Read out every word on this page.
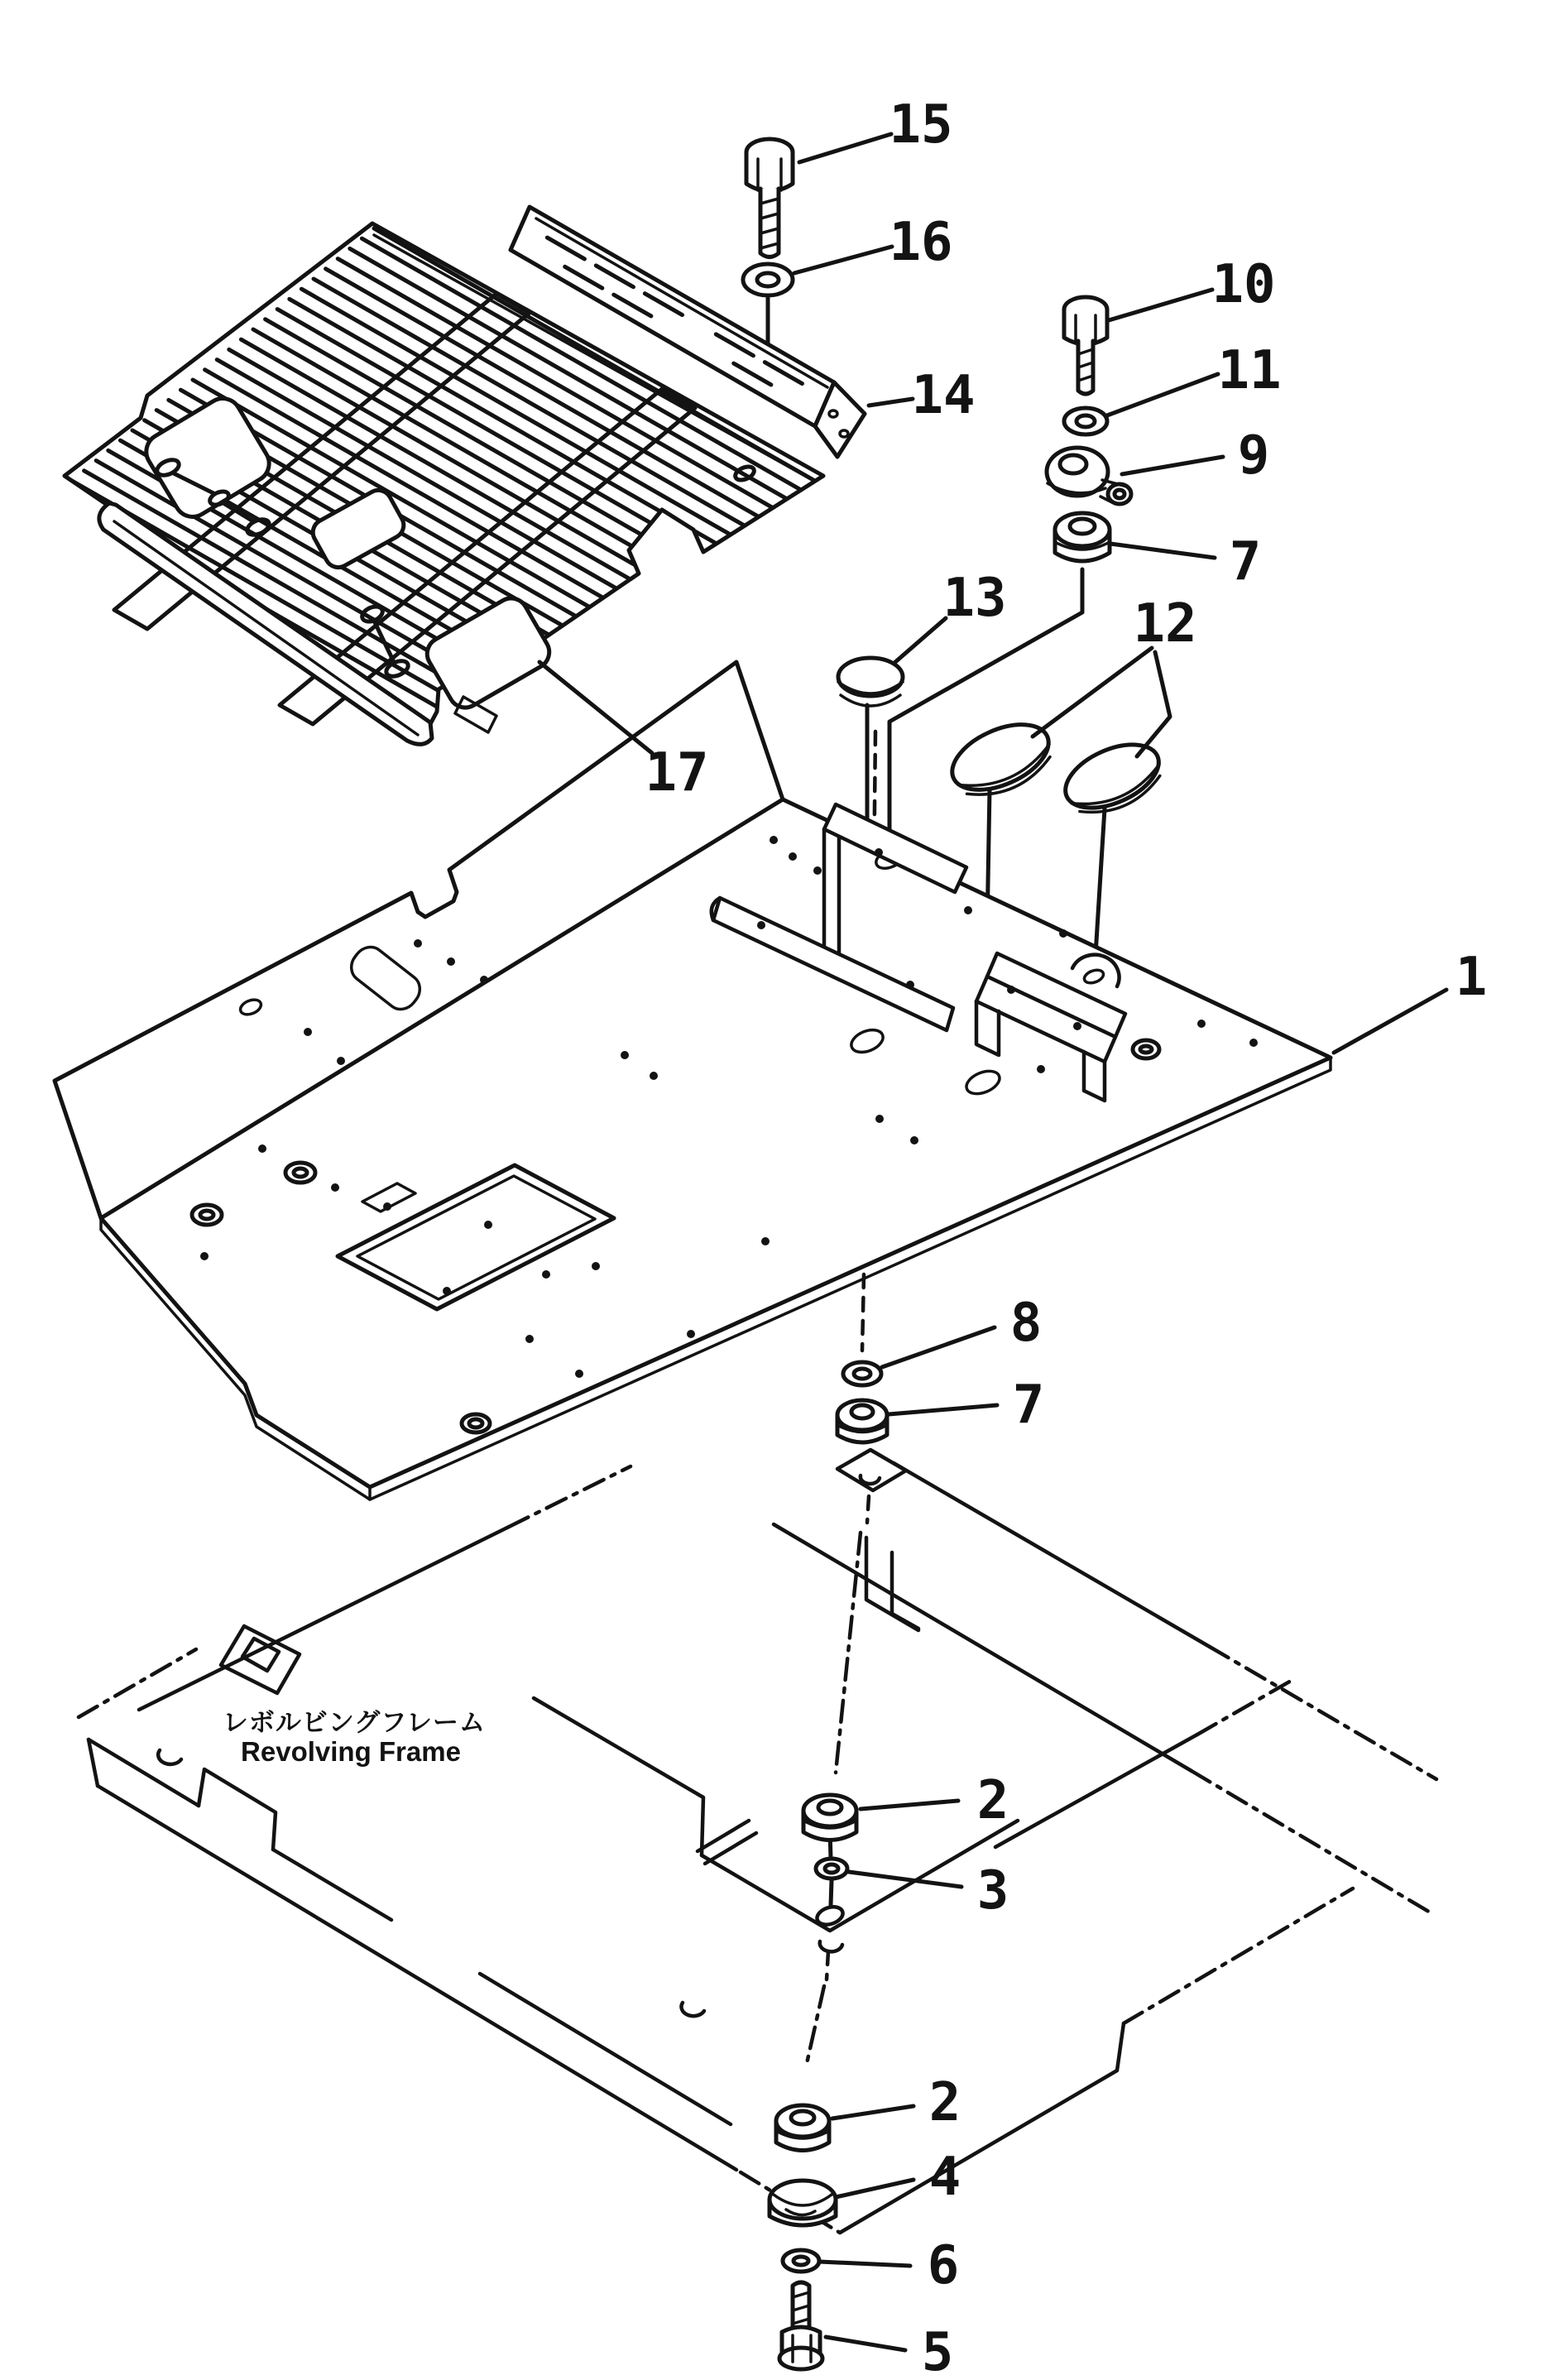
レボルビングフレーム
Revolving Frame
1
2
3
2
4
6
5
7
7
8
9
10
11
12
13
14
15
16
17
